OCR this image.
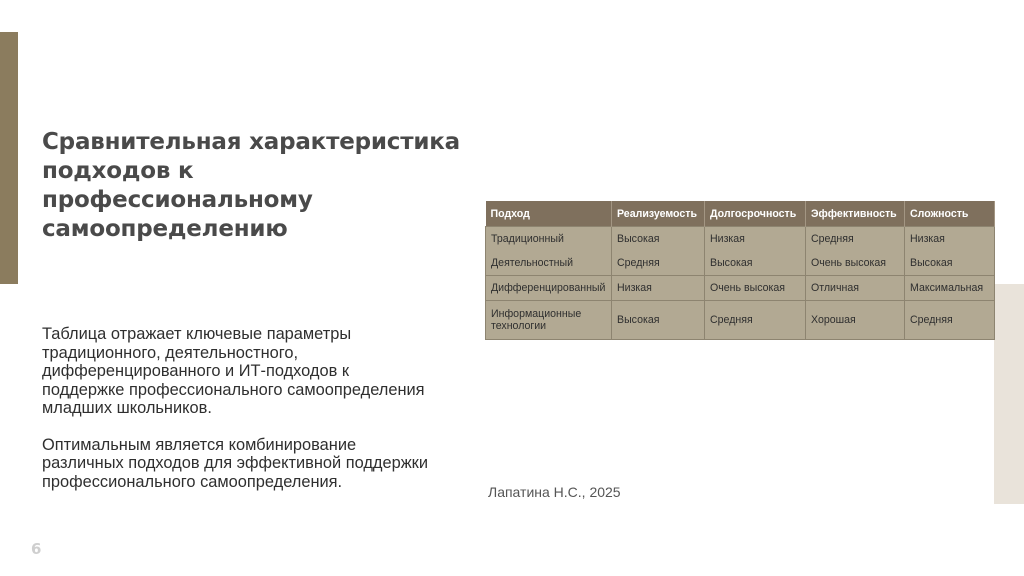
Сравнительная характеристика подходов к профессиональному самоопределению

Таблица отражает ключевые параметры традиционного, деятельностного, дифференцированного и ИТ-подходов к поддержке профессионального самоопределения младших школьников.

Оптимальным является комбинирование различных подходов для эффективной поддержки профессионального самоопределения.

Подход	Реализуемость	Долгосрочность	Эффективность	Сложность
Традиционный	Высокая	Низкая	Средняя	Низкая
Деятельностный	Средняя	Высокая	Очень высокая	Высокая
Дифференцированный	Низкая	Очень высокая	Отличная	Максимальная
Информационные технологии	Высокая	Средняя	Хорошая	Средняя
Лапатина Н.С., 2025
6
